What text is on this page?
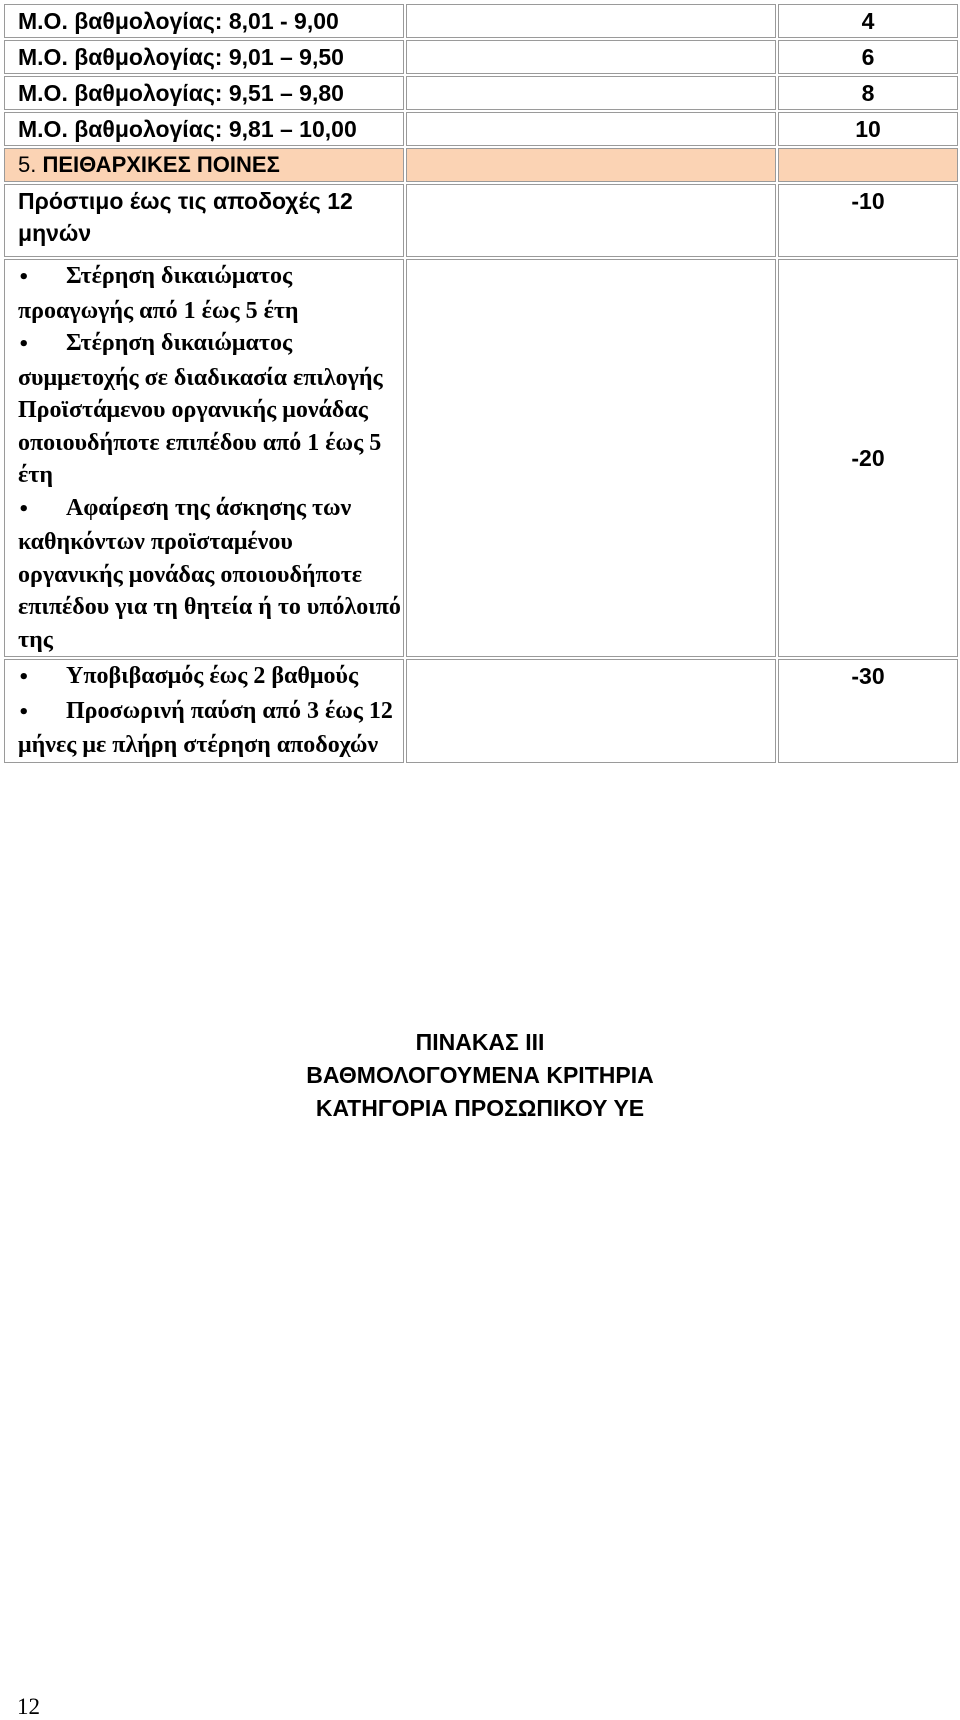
Μ.Ο. βαθμολογίας: 8,01 - 9,00		4
Μ.Ο. βαθμολογίας: 9,01 – 9,50		6
Μ.Ο. βαθμολογίας: 9,51 – 9,80		8
Μ.Ο. βαθμολογίας: 9,81 – 10,00		10
5. ΠΕΙΘΑΡΧΙΚΕΣ ΠΟΙΝΕΣ		
Πρόστιμο έως τις αποδοχές 12 μηνών		-10

• Στέρηση δικαιώματος προαγωγής από 1 έως 5 έτη
• Στέρηση δικαιώματος συμμετοχής σε διαδικασία επιλογής Προϊστάμενου οργανικής μονάδας οποιουδήποτε επιπέδου από 1 έως 5 έτη
• Αφαίρεση της άσκησης των καθηκόντων προϊσταμένου οργανικής μονάδας οποιουδήποτε επιπέδου για τη θητεία ή το υπόλοιπό της		-20

• Υποβιβασμός έως 2 βαθμούς
• Προσωρινή παύση από 3 έως 12 μήνες με πλήρη στέρηση αποδοχών		-30
ΠΙΝΑΚΑΣ ΙΙΙ
ΒΑΘΜΟΛΟΓΟΥΜΕΝΑ ΚΡΙΤΗΡΙΑ
ΚΑΤΗΓΟΡΙΑ ΠΡΟΣΩΠΙΚΟΥ ΥΕ
12
